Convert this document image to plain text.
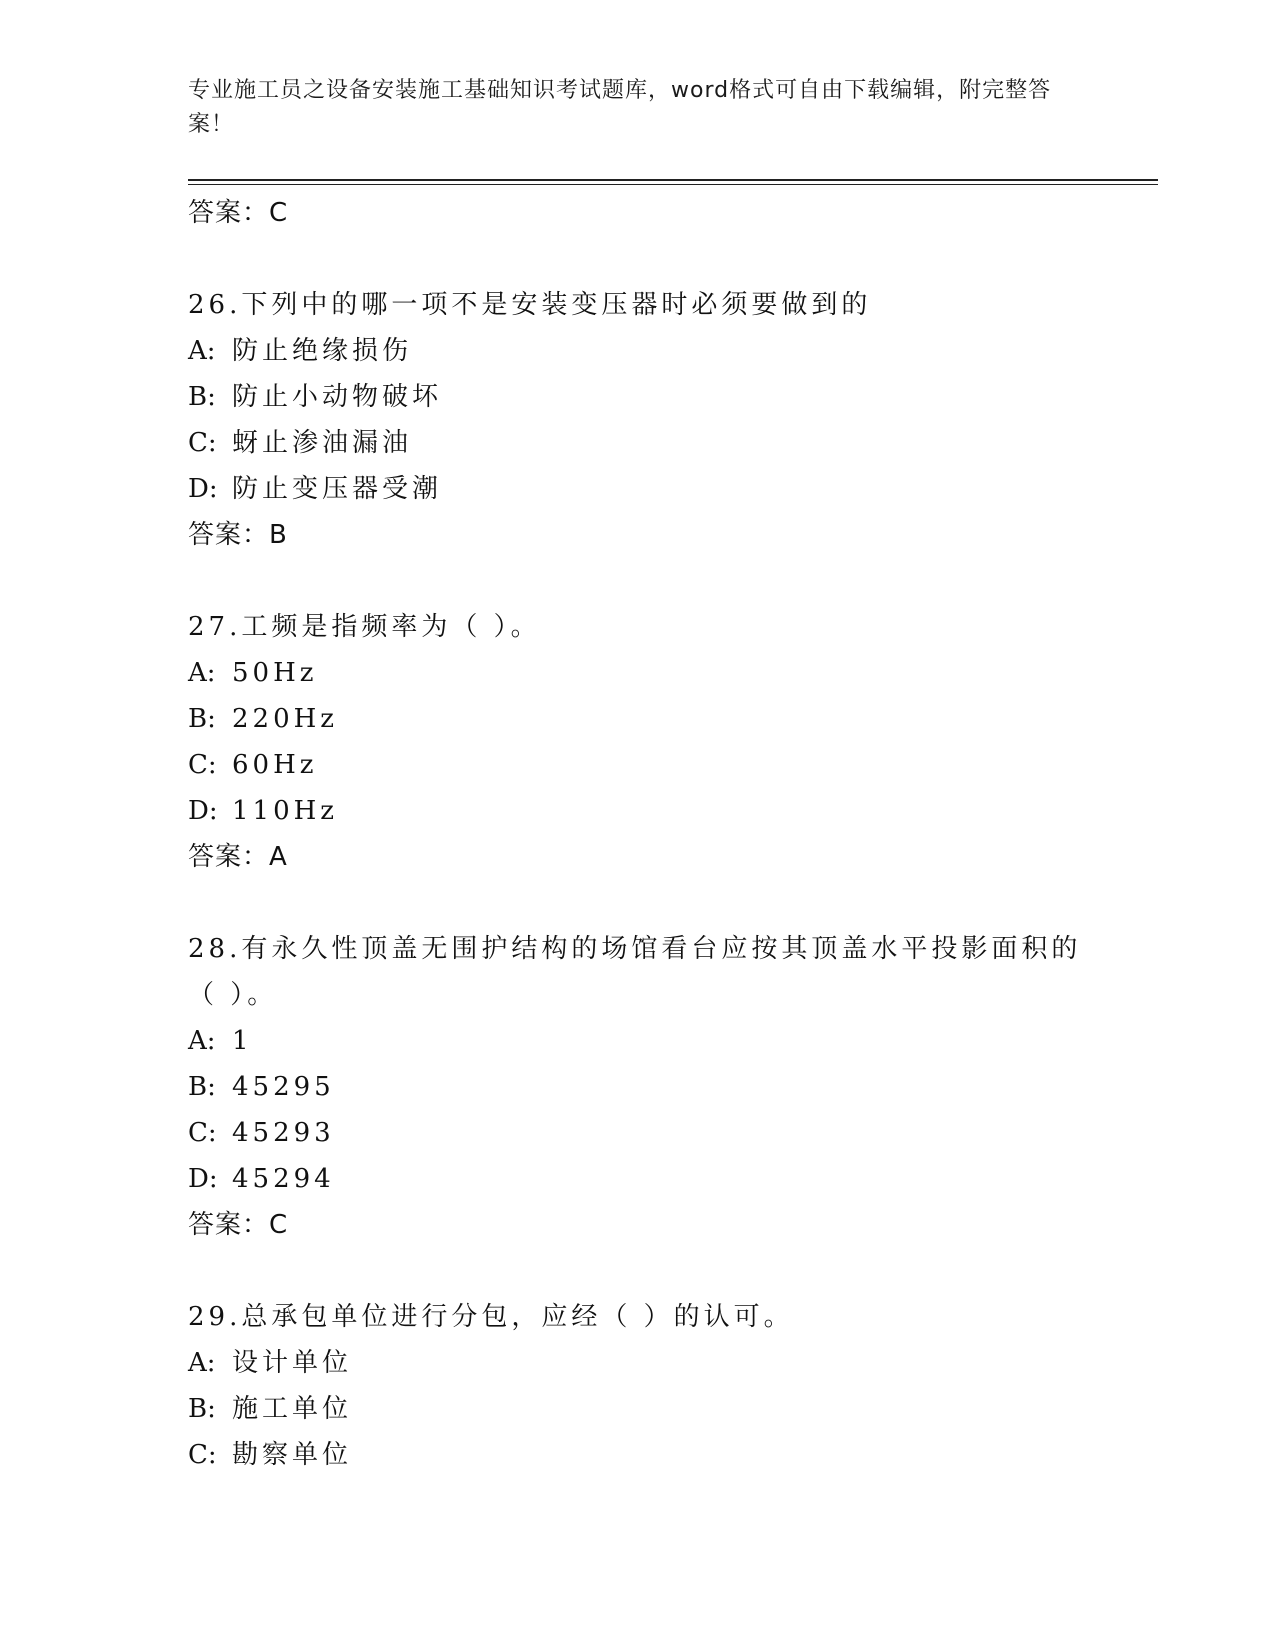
专业施工员之设备安装施工基础知识考试题库，word格式可自由下载编辑，附完整答案！
答案：C
26.下列中的哪一项不是安装变压器时必须要做到的
A: 防止绝缘损伤
B: 防止小动物破坏
C: 蚜止渗油漏油
D: 防止变压器受潮
答案：B
27.工频是指频率为（ ）。
A: 50Hz
B: 220Hz
C: 60Hz
D: 110Hz
答案：A
28.有永久性顶盖无围护结构的场馆看台应按其顶盖水平投影面积的（ ）。
A: 1
B: 45295
C: 45293
D: 45294
答案：C
29.总承包单位进行分包，应经（ ）的认可。
A: 设计单位
B: 施工单位
C: 勘察单位
